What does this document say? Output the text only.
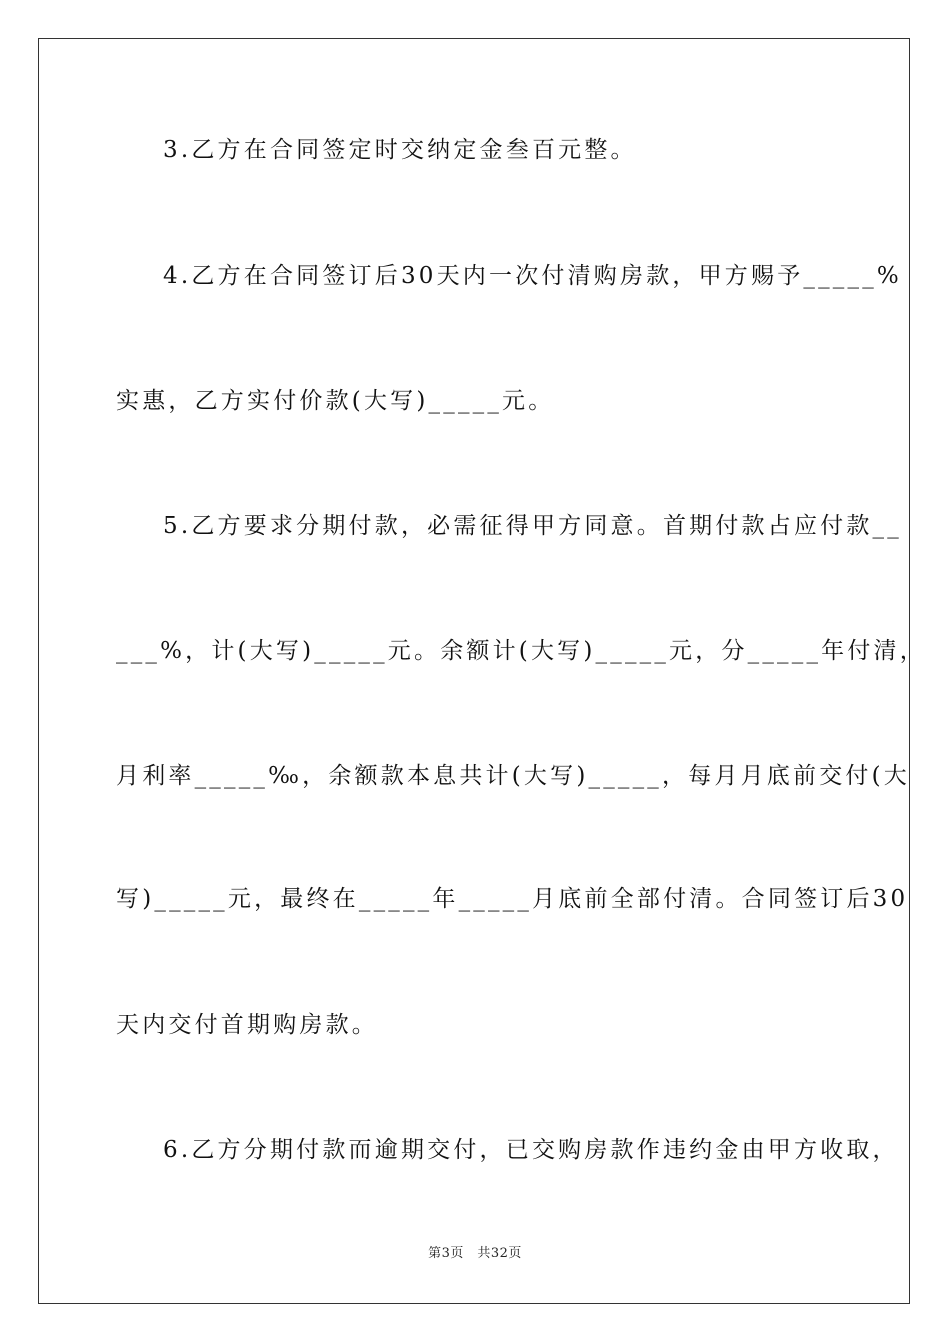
3.乙方在合同签定时交纳定金叁百元整。
4.乙方在合同签订后30天内一次付清购房款，甲方赐予_____%
实惠，乙方实付价款(大写)_____元。
5.乙方要求分期付款，必需征得甲方同意。首期付款占应付款__
___%，计(大写)_____元。余额计(大写)_____元，分_____年付清，
月利率_____‰，余额款本息共计(大写)_____，每月月底前交付(大
写)_____元，最终在_____年_____月底前全部付清。合同签订后30
天内交付首期购房款。
6.乙方分期付款而逾期交付，已交购房款作违约金由甲方收取，
第3页　共32页
